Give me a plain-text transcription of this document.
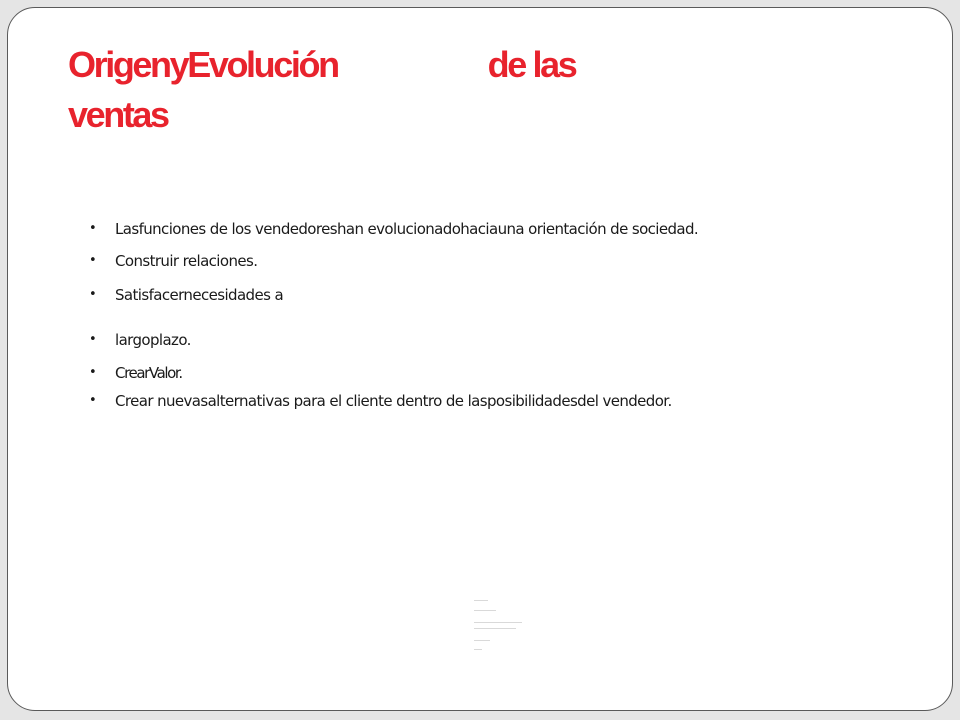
OrigenyEvolución	de las
ventas
• Lasfunciones de los vendedoreshan evolucionadohaciauna orientación de sociedad.
• Construir relaciones.
• Satisfacernecesidades a
• largoplazo.
• CrearValor.
• Crear nuevasalternativas para el cliente dentro de lasposibilidadesdel vendedor.
